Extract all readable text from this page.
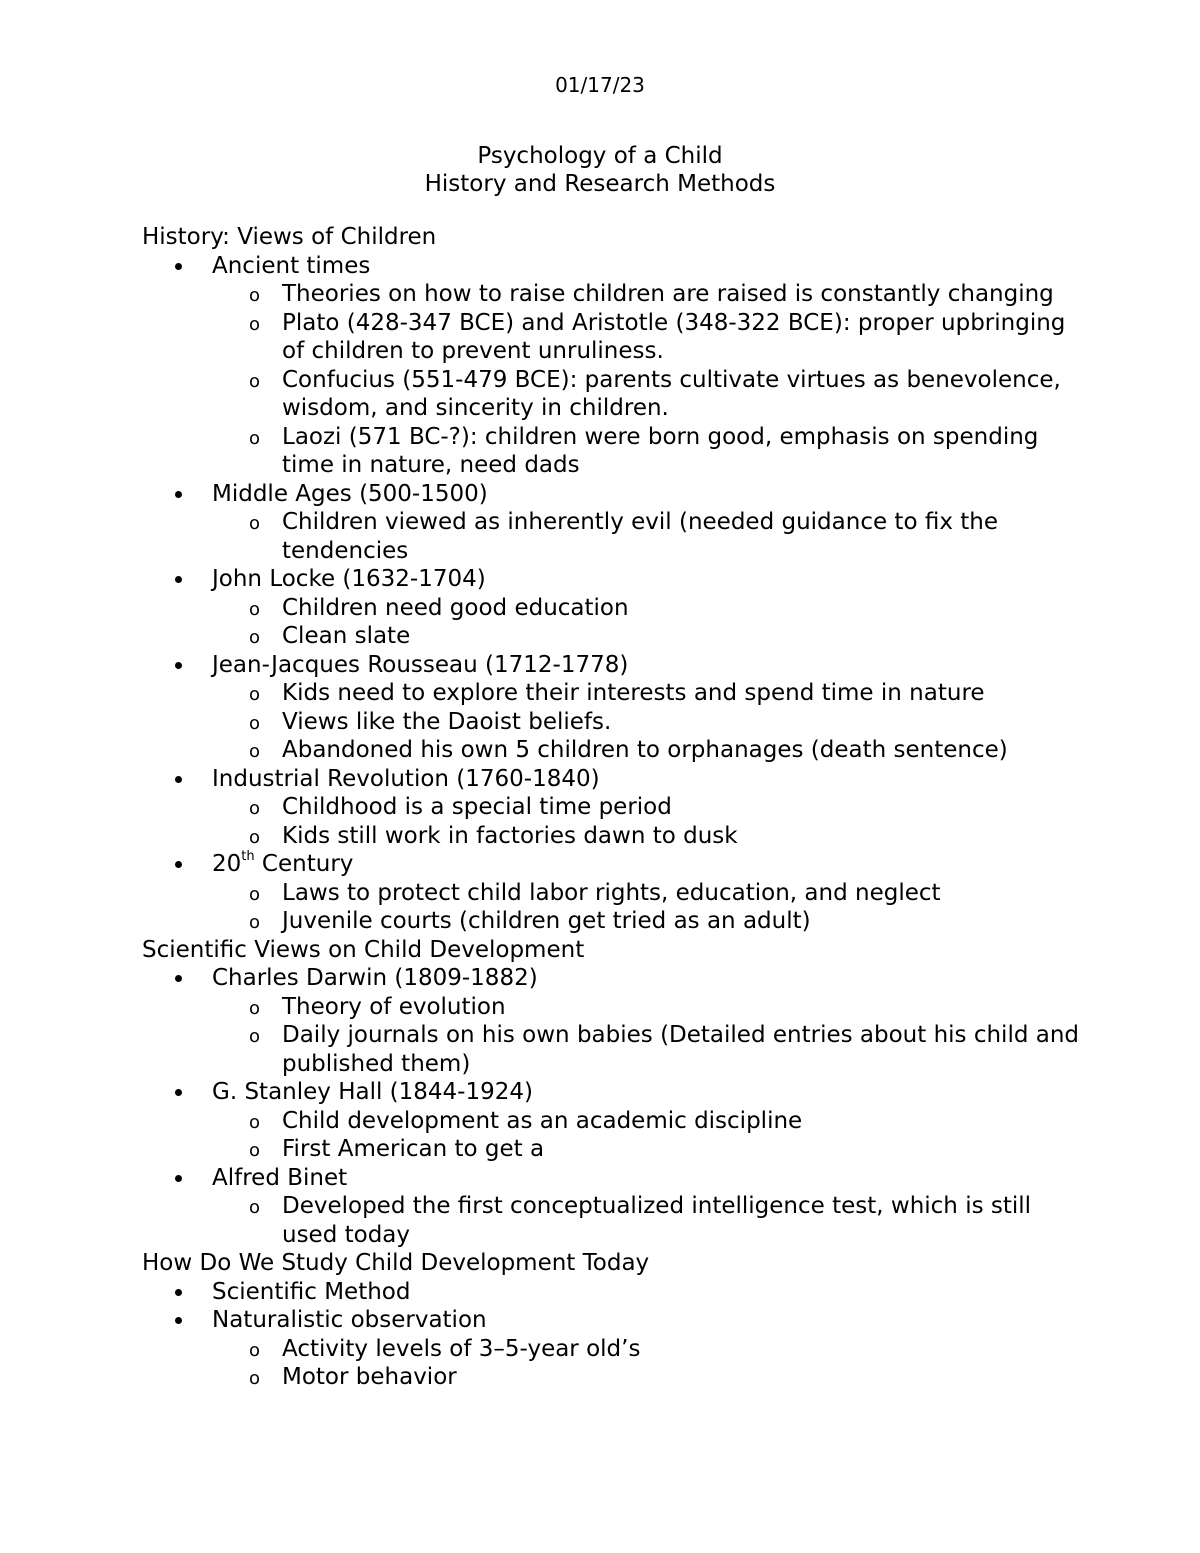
01/17/23
Psychology of a Child
History and Research Methods
History: Views of Children
Ancient times
o Theories on how to raise children are raised is constantly changing
o Plato (428-347 BCE) and Aristotle (348-322 BCE): proper upbringing of children to prevent unruliness.
o Confucius (551-479 BCE): parents cultivate virtues as benevolence, wisdom, and sincerity in children.
o Laozi (571 BC-?): children were born good, emphasis on spending time in nature, need dads
Middle Ages (500-1500)
o Children viewed as inherently evil (needed guidance to fix the tendencies
John Locke (1632-1704)
o Children need good education
o Clean slate
Jean-Jacques Rousseau (1712-1778)
o Kids need to explore their interests and spend time in nature
o Views like the Daoist beliefs.
o Abandoned his own 5 children to orphanages (death sentence)
Industrial Revolution (1760-1840)
o Childhood is a special time period
o Kids still work in factories dawn to dusk
20th Century
o Laws to protect child labor rights, education, and neglect
o Juvenile courts (children get tried as an adult)
Scientific Views on Child Development
Charles Darwin (1809-1882)
o Theory of evolution
o Daily journals on his own babies (Detailed entries about his child and published them)
G. Stanley Hall (1844-1924)
o Child development as an academic discipline
o First American to get a
Alfred Binet
o Developed the first conceptualized intelligence test, which is still used today
How Do We Study Child Development Today
Scientific Method
Naturalistic observation
o Activity levels of 3–5-year old’s
o Motor behavior
